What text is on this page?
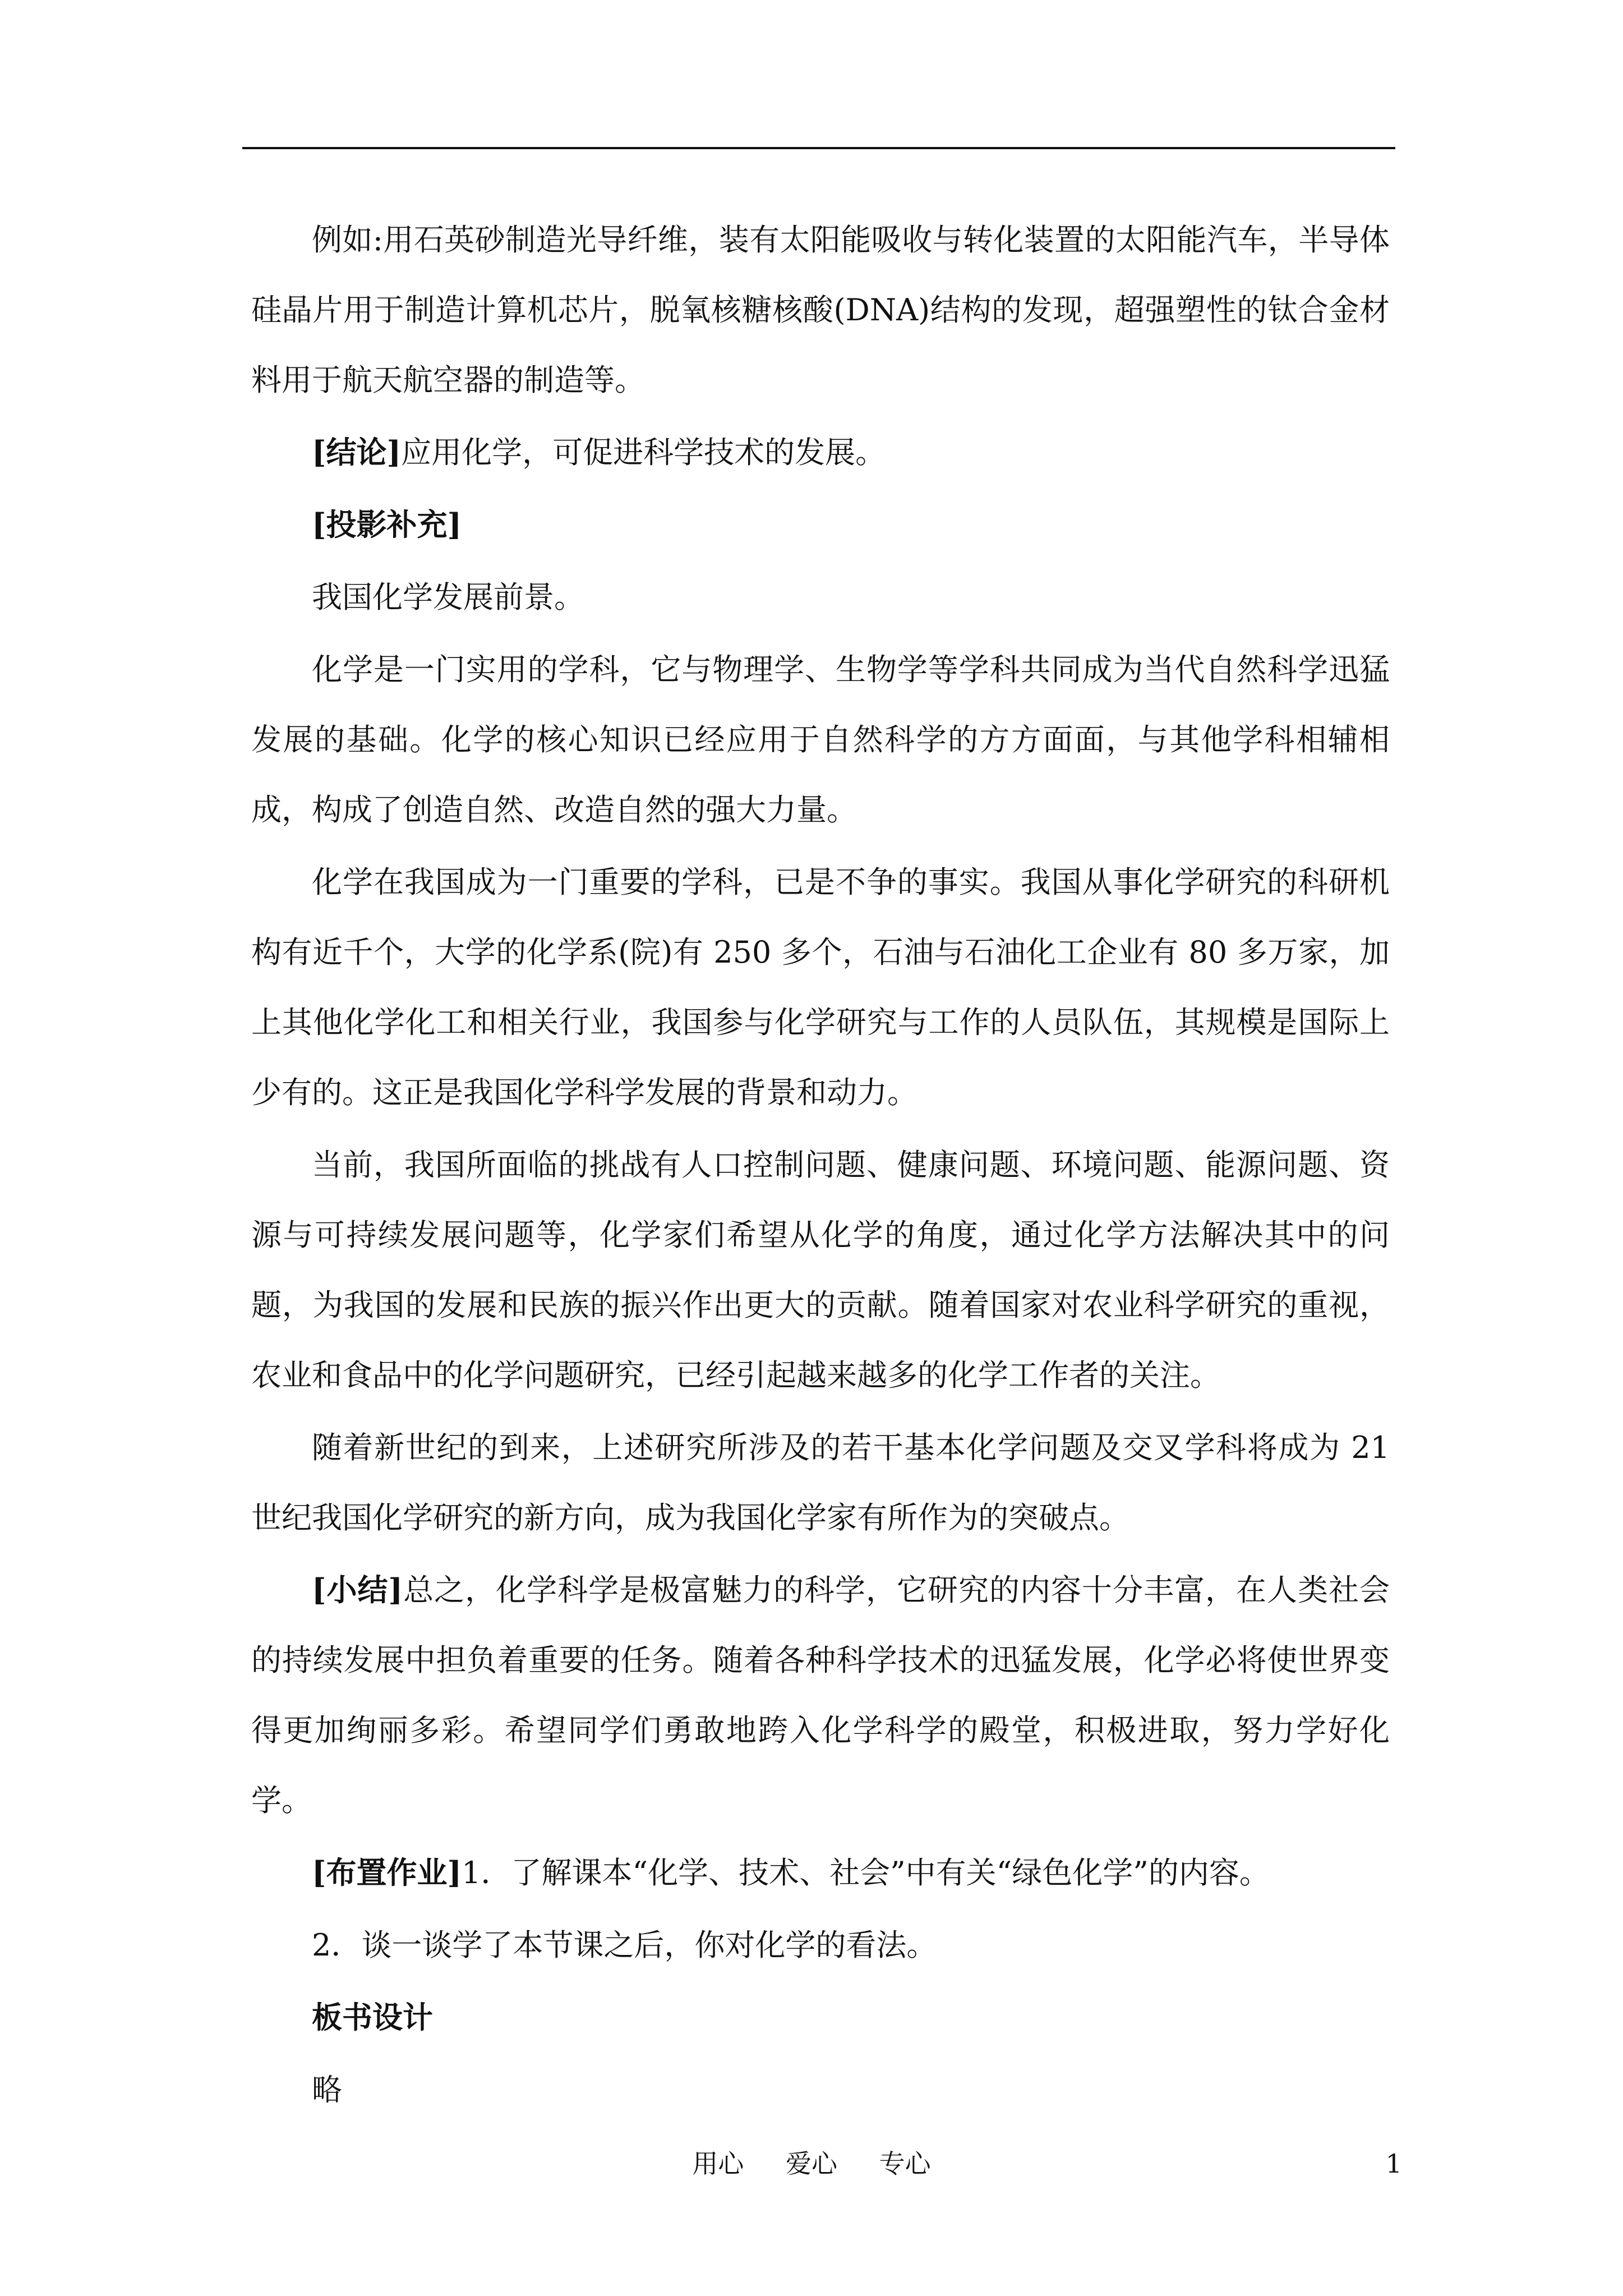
例如:用石英砂制造光导纤维，装有太阳能吸收与转化装置的太阳能汽车，半导体硅晶片用于制造计算机芯片，脱氧核糖核酸(DNA)结构的发现，超强塑性的钛合金材料用于航天航空器的制造等。

[结论]应用化学，可促进科学技术的发展。

[投影补充]

我国化学发展前景。

化学是一门实用的学科，它与物理学、生物学等学科共同成为当代自然科学迅猛发展的基础。化学的核心知识已经应用于自然科学的方方面面，与其他学科相辅相成，构成了创造自然、改造自然的强大力量。

化学在我国成为一门重要的学科，已是不争的事实。我国从事化学研究的科研机构有近千个，大学的化学系(院)有 250 多个，石油与石油化工企业有 80 多万家，加上其他化学化工和相关行业，我国参与化学研究与工作的人员队伍，其规模是国际上少有的。这正是我国化学科学发展的背景和动力。

当前，我国所面临的挑战有人口控制问题、健康问题、环境问题、能源问题、资源与可持续发展问题等，化学家们希望从化学的角度，通过化学方法解决其中的问题，为我国的发展和民族的振兴作出更大的贡献。随着国家对农业科学研究的重视，农业和食品中的化学问题研究，已经引起越来越多的化学工作者的关注。

随着新世纪的到来，上述研究所涉及的若干基本化学问题及交叉学科将成为 21 世纪我国化学研究的新方向，成为我国化学家有所作为的突破点。

[小结]总之，化学科学是极富魅力的科学，它研究的内容十分丰富，在人类社会的持续发展中担负着重要的任务。随着各种科学技术的迅猛发展，化学必将使世界变得更加绚丽多彩。希望同学们勇敢地跨入化学科学的殿堂，积极进取，努力学好化学。

[布置作业]1．了解课本“化学、技术、社会”中有关“绿色化学”的内容。

2．谈一谈学了本节课之后，你对化学的看法。

板书设计

略

用心 爱心 专心	1
